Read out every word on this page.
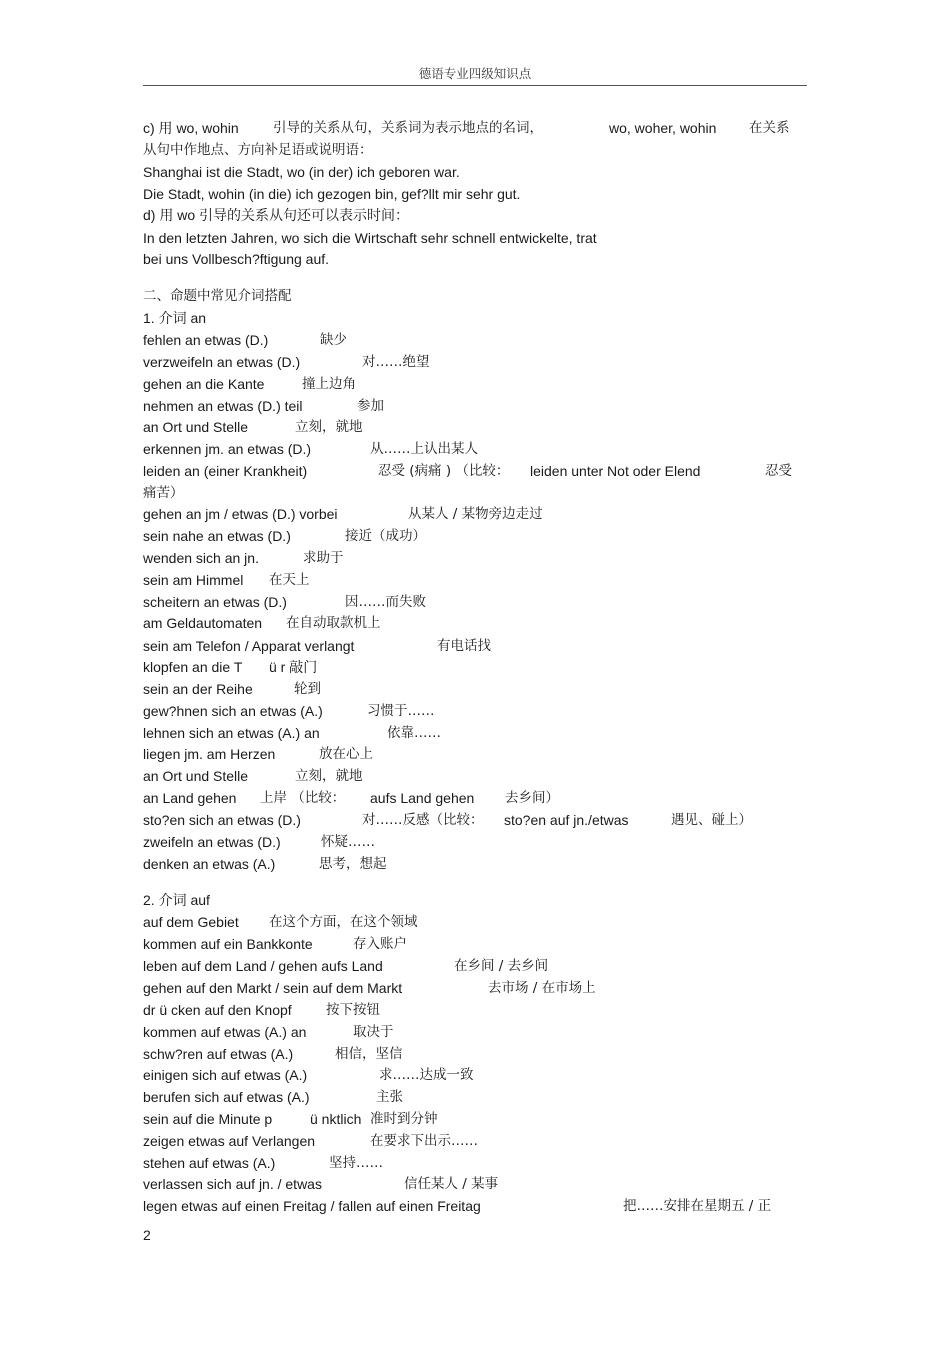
德语专业四级知识点
c) 用 wo, wohin	引导的关系从句，关系词为表示地点的名词，	wo, woher, wohin 在关系
从句中作地点、方向补足语或说明语：
Shanghai ist die Stadt, wo (in der) ich geboren war.
Die Stadt, wohin (in die) ich gezogen bin, gef?llt mir sehr gut.
d) 用 wo 引导的关系从句还可以表示时间：
In den letzten Jahren, wo sich die Wirtschaft sehr schnell entwickelte, trat
bei uns Vollbesch?ftigung auf.
二、命题中常见介词搭配
1. 介词 an
fehlen an etwas (D.)	缺少
verzweifeln an etwas (D.)	对……绝望
gehen an die Kante	撞上边角
nehmen an etwas (D.) teil	参加
an Ort und Stelle	立刻，就地
erkennen jm. an etwas (D.)	从……上认出某人
leiden an (einer Krankheit)	忍受 (病痛 ) （比较： leiden unter Not oder Elend	忍受
痛苦）
gehen an jm / etwas (D.) vorbei	从某人 / 某物旁边走过
sein nahe an etwas (D.)	接近（成功）
wenden sich an jn.	求助于
sein am Himmel 在天上
scheitern an etwas (D.)	因……而失败
am Geldautomaten 在自动取款机上
sein am Telefon / Apparat verlangt	有电话找
klopfen an die T ü r 敲门
sein an der Reihe	轮到
gew?hnen sich an etwas (A.)	习惯于……
lehnen sich an etwas (A.) an	依靠……
liegen jm. am Herzen	放在心上
an Ort und Stelle	立刻，就地
an Land gehen 上岸 （比较： aufs Land gehen 去乡间）
sto?en sich an etwas (D.)	对……反感（比较： sto?en auf jn./etwas	遇见、碰上）
zweifeln an etwas (D.)	怀疑……
denken an etwas (A.)	思考，想起
2. 介词 auf
auf dem Gebiet 在这个方面，在这个领域
kommen auf ein Bankkonte	存入账户
leben auf dem Land / gehen aufs Land	在乡间 / 去乡间
gehen auf den Markt / sein auf dem Markt	去市场 / 在市场上
dr ü cken auf den Knopf	按下按钮
kommen auf etwas (A.) an	取决于
schw?ren auf etwas (A.)	相信，坚信
einigen sich auf etwas (A.)	求……达成一致
berufen sich auf etwas (A.)	主张
sein auf die Minute p	ü nktlich 准时到分钟
zeigen etwas auf Verlangen	在要求下出示……
stehen auf etwas (A.)	坚持……
verlassen sich auf jn. / etwas	信任某人 / 某事
legen etwas auf einen Freitag / fallen auf einen Freitag	把……安排在星期五 / 正
2
